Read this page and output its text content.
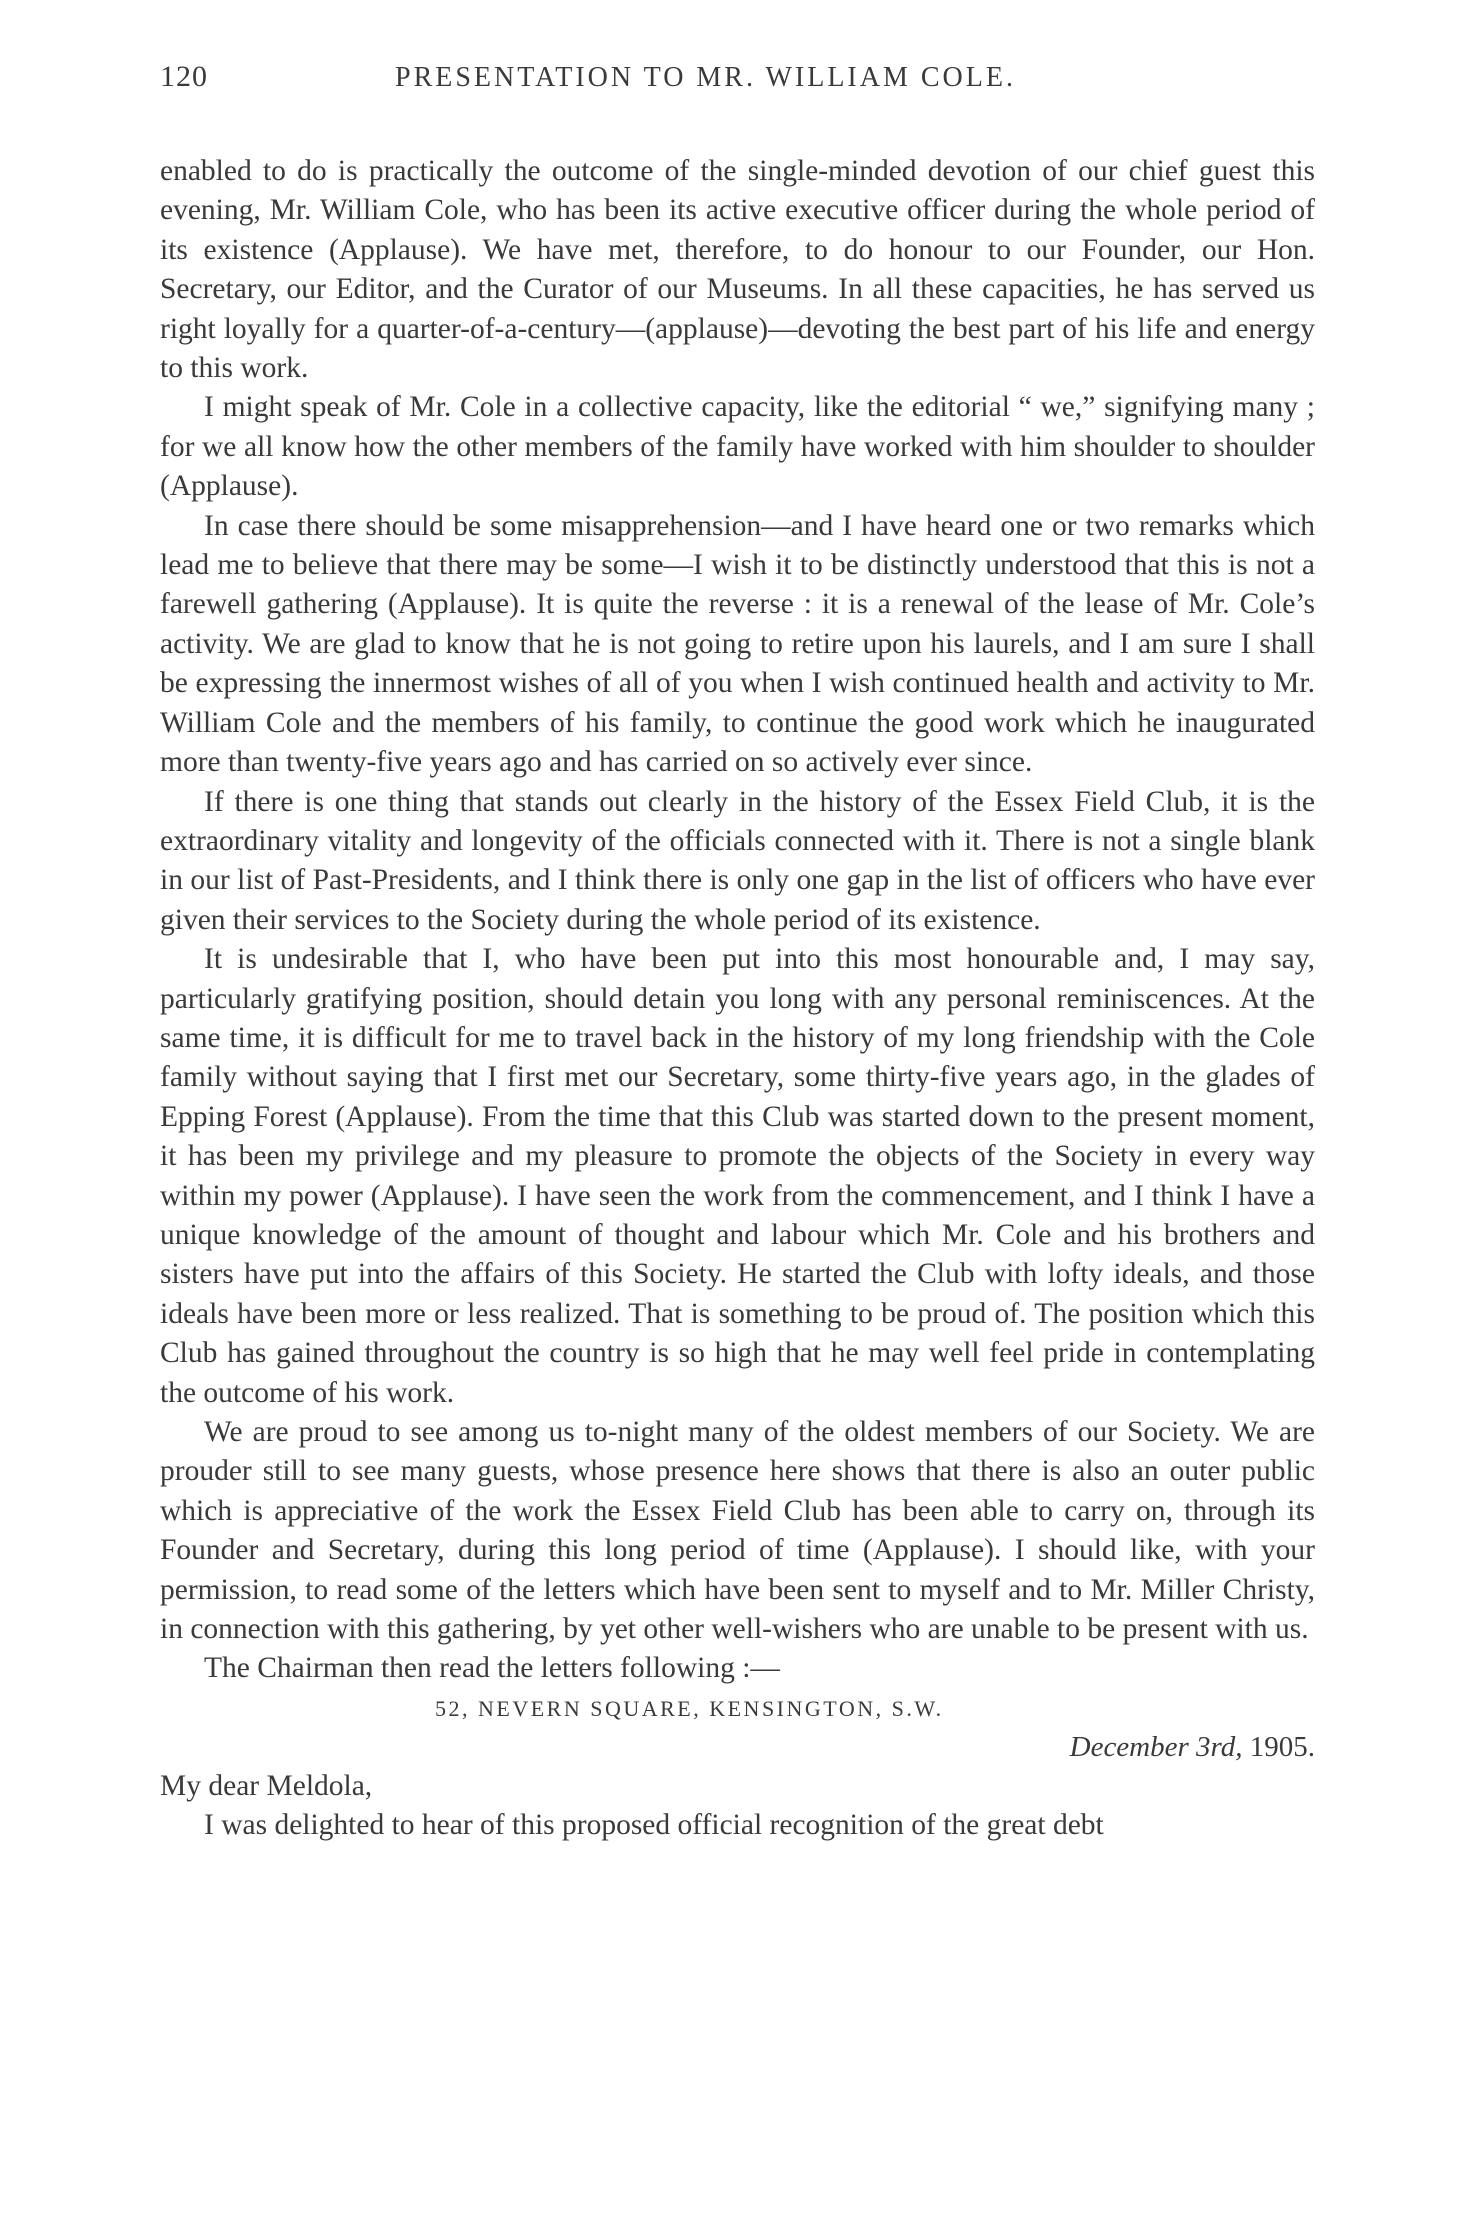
120	PRESENTATION TO MR. WILLIAM COLE.

enabled to do is practically the outcome of the single-minded devotion of our chief guest this evening, Mr. William Cole, who has been its active executive officer during the whole period of its existence (Applause). We have met, therefore, to do honour to our Founder, our Hon. Secretary, our Editor, and the Curator of our Museums. In all these capacities, he has served us right loyally for a quarter-of-a-century—(applause)—devoting the best part of his life and energy to this work.

I might speak of Mr. Cole in a collective capacity, like the editorial “ we,” signifying many ; for we all know how the other members of the family have worked with him shoulder to shoulder (Applause).

In case there should be some misapprehension—and I have heard one or two remarks which lead me to believe that there may be some—I wish it to be distinctly understood that this is not a farewell gathering (Applause). It is quite the reverse : it is a renewal of the lease of Mr. Cole’s activity. We are glad to know that he is not going to retire upon his laurels, and I am sure I shall be expressing the innermost wishes of all of you when I wish continued health and activity to Mr. William Cole and the members of his family, to continue the good work which he inaugurated more than twenty-five years ago and has carried on so actively ever since.

If there is one thing that stands out clearly in the history of the Essex Field Club, it is the extraordinary vitality and longevity of the officials connected with it. There is not a single blank in our list of Past-Presidents, and I think there is only one gap in the list of officers who have ever given their services to the Society during the whole period of its existence.

It is undesirable that I, who have been put into this most honourable and, I may say, particularly gratifying position, should detain you long with any personal reminiscences. At the same time, it is difficult for me to travel back in the history of my long friendship with the Cole family without saying that I first met our Secretary, some thirty-five years ago, in the glades of Epping Forest (Applause). From the time that this Club was started down to the present moment, it has been my privilege and my pleasure to promote the objects of the Society in every way within my power (Applause). I have seen the work from the commencement, and I think I have a unique knowledge of the amount of thought and labour which Mr. Cole and his brothers and sisters have put into the affairs of this Society. He started the Club with lofty ideals, and those ideals have been more or less realized. That is something to be proud of. The position which this Club has gained throughout the country is so high that he may well feel pride in contemplating the outcome of his work.

We are proud to see among us to-night many of the oldest members of our Society. We are prouder still to see many guests, whose presence here shows that there is also an outer public which is appreciative of the work the Essex Field Club has been able to carry on, through its Founder and Secretary, during this long period of time (Applause). I should like, with your permission, to read some of the letters which have been sent to myself and to Mr. Miller Christy, in connection with this gathering, by yet other well-wishers who are unable to be present with us.

The Chairman then read the letters following :—

52, NEVERN SQUARE, KENSINGTON, S.W.
December 3rd, 1905.

My dear Meldola,

I was delighted to hear of this proposed official recognition of the great debt
